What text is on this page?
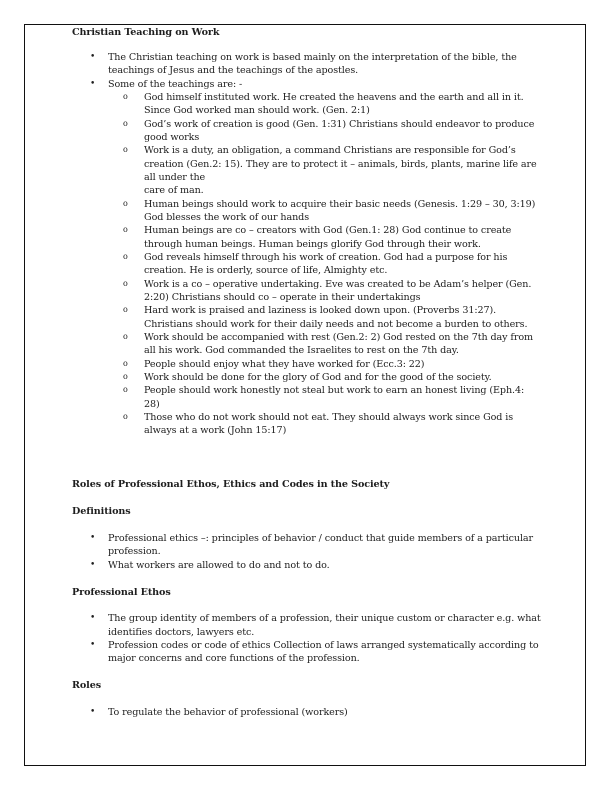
Christian Teaching on Work

• The Christian teaching on work is based mainly on the interpretation of the bible, the teachings of Jesus and the teachings of the apostles.
• Some of the teachings are: -
o God himself instituted work. He created the heavens and the earth and all in it. Since God worked man should work. (Gen. 2:1)
o God’s work of creation is good (Gen. 1:31) Christians should endeavor to produce good works
o Work is a duty, an obligation, a command Christians are responsible for God’s creation (Gen.2: 15). They are to protect it – animals, birds, plants, marine life are all under the
care of man.
o Human beings should work to acquire their basic needs (Genesis. 1:29 – 30, 3:19) God blesses the work of our hands
o Human beings are co – creators with God (Gen.1: 28) God continue to create through human beings. Human beings glorify God through their work.
o God reveals himself through his work of creation. God had a purpose for his creation. He is orderly, source of life, Almighty etc.
o Work is a co – operative undertaking. Eve was created to be Adam’s helper (Gen. 2:20) Christians should co – operate in their undertakings
o Hard work is praised and laziness is looked down upon. (Proverbs 31:27). Christians should work for their daily needs and not become a burden to others.
o Work should be accompanied with rest (Gen.2: 2) God rested on the 7th day from all his work. God commanded the Israelites to rest on the 7th day.
o People should enjoy what they have worked for (Ecc.3: 22)
o Work should be done for the glory of God and for the good of the society.
o People should work honestly not steal but work to earn an honest living (Eph.4: 28)
o Those who do not work should not eat. They should always work since God is always at a work (John 15:17)

Roles of Professional Ethos, Ethics and Codes in the Society

Definitions

• Professional ethics –: principles of behavior / conduct that guide members of a particular profession.
• What workers are allowed to do and not to do.

Professional Ethos

• The group identity of members of a profession, their unique custom or character e.g. what identifies doctors, lawyers etc.
• Profession codes or code of ethics Collection of laws arranged systematically according to major concerns and core functions of the profession.

Roles

• To regulate the behavior of professional (workers)
